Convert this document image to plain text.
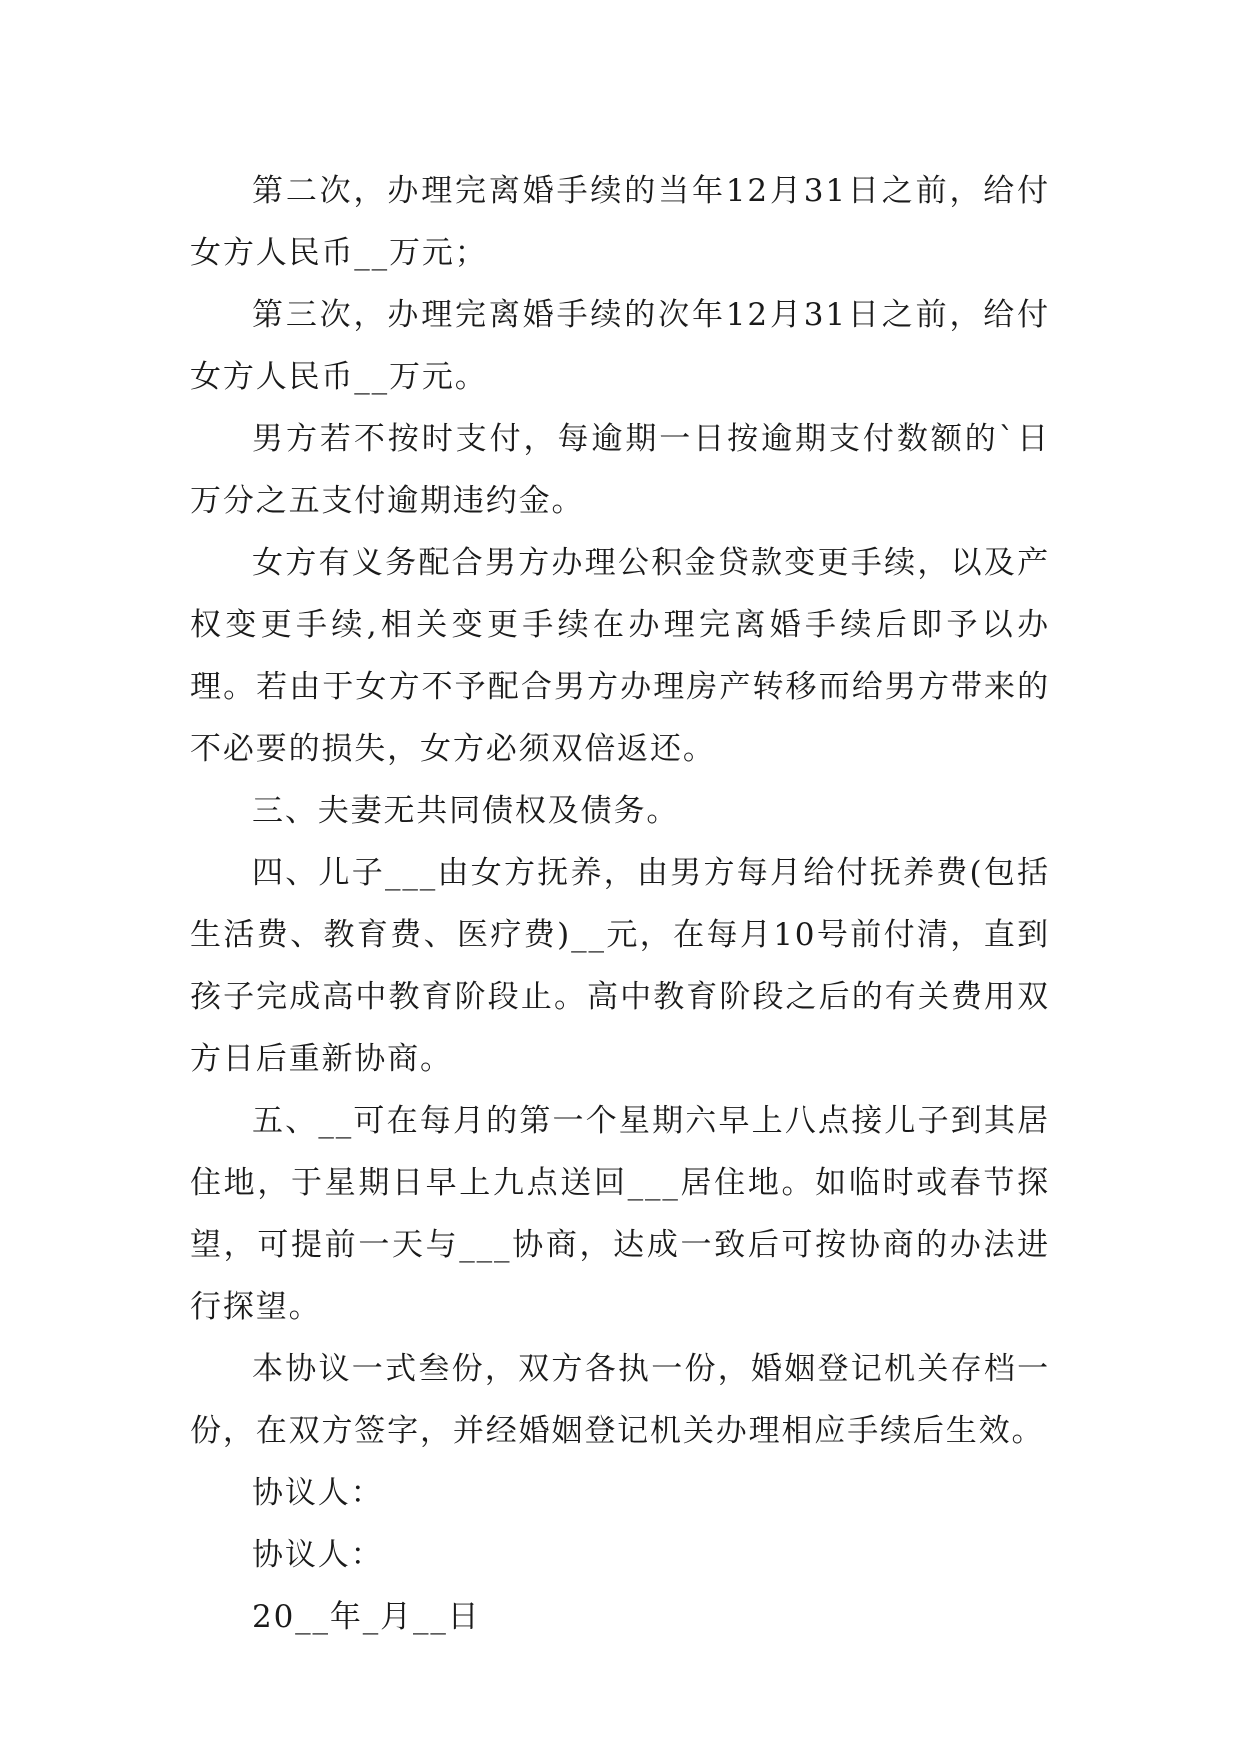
第二次，办理完离婚手续的当年12月31日之前，给付女方人民币__万元；

第三次，办理完离婚手续的次年12月31日之前，给付女方人民币__万元。

男方若不按时支付，每逾期一日按逾期支付数额的`日万分之五支付逾期违约金。

女方有义务配合男方办理公积金贷款变更手续，以及产权变更手续,相关变更手续在办理完离婚手续后即予以办理。若由于女方不予配合男方办理房产转移而给男方带来的不必要的损失，女方必须双倍返还。

三、夫妻无共同债权及债务。

四、儿子___由女方抚养，由男方每月给付抚养费(包括生活费、教育费、医疗费)__元，在每月10号前付清，直到孩子完成高中教育阶段止。高中教育阶段之后的有关费用双方日后重新协商。

五、__可在每月的第一个星期六早上八点接儿子到其居住地，于星期日早上九点送回___居住地。如临时或春节探望，可提前一天与___协商，达成一致后可按协商的办法进行探望。

本协议一式叁份，双方各执一份，婚姻登记机关存档一份，在双方签字，并经婚姻登记机关办理相应手续后生效。

协议人：

协议人：

20__年_月__日
